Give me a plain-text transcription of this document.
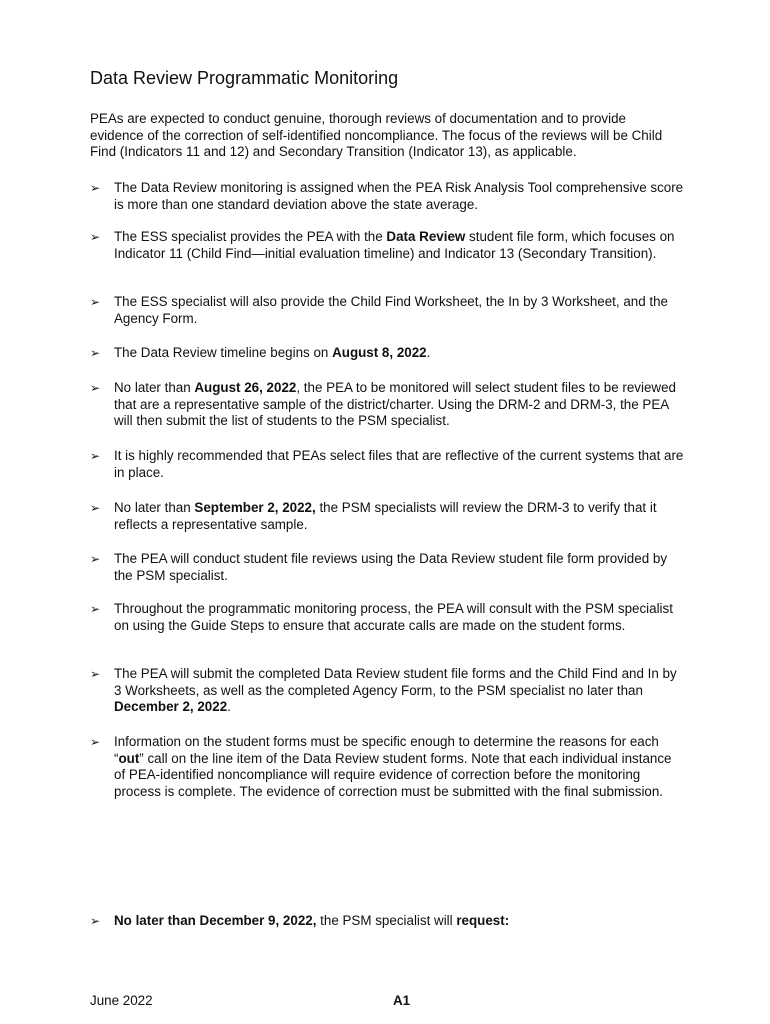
Data Review Programmatic Monitoring

PEAs are expected to conduct genuine, thorough reviews of documentation and to provide evidence of the correction of self-identified noncompliance. The focus of the reviews will be Child Find (Indicators 11 and 12) and Secondary Transition (Indicator 13), as applicable.

➢ The Data Review monitoring is assigned when the PEA Risk Analysis Tool comprehensive score is more than one standard deviation above the state average.
➢ The ESS specialist provides the PEA with the Data Review student file form, which focuses on Indicator 11 (Child Find—initial evaluation timeline) and Indicator 13 (Secondary Transition).
➢ The ESS specialist will also provide the Child Find Worksheet, the In by 3 Worksheet, and the Agency Form.
➢ The Data Review timeline begins on August 8, 2022.
➢ No later than August 26, 2022, the PEA to be monitored will select student files to be reviewed that are a representative sample of the district/charter. Using the DRM-2 and DRM-3, the PEA will then submit the list of students to the PSM specialist.
➢ It is highly recommended that PEAs select files that are reflective of the current systems that are in place.
➢ No later than September 2, 2022, the PSM specialists will review the DRM-3 to verify that it reflects a representative sample.
➢ The PEA will conduct student file reviews using the Data Review student file form provided by the PSM specialist.
➢ Throughout the programmatic monitoring process, the PEA will consult with the PSM specialist on using the Guide Steps to ensure that accurate calls are made on the student forms.
➢ The PEA will submit the completed Data Review student file forms and the Child Find and In by 3 Worksheets, as well as the completed Agency Form, to the PSM specialist no later than December 2, 2022.
➢ Information on the student forms must be specific enough to determine the reasons for each “out” call on the line item of the Data Review student forms. Note that each individual instance of PEA-identified noncompliance will require evidence of correction before the monitoring process is complete. The evidence of correction must be submitted with the final submission.
➢ No later than December 9, 2022, the PSM specialist will request:
June 2022	A1
